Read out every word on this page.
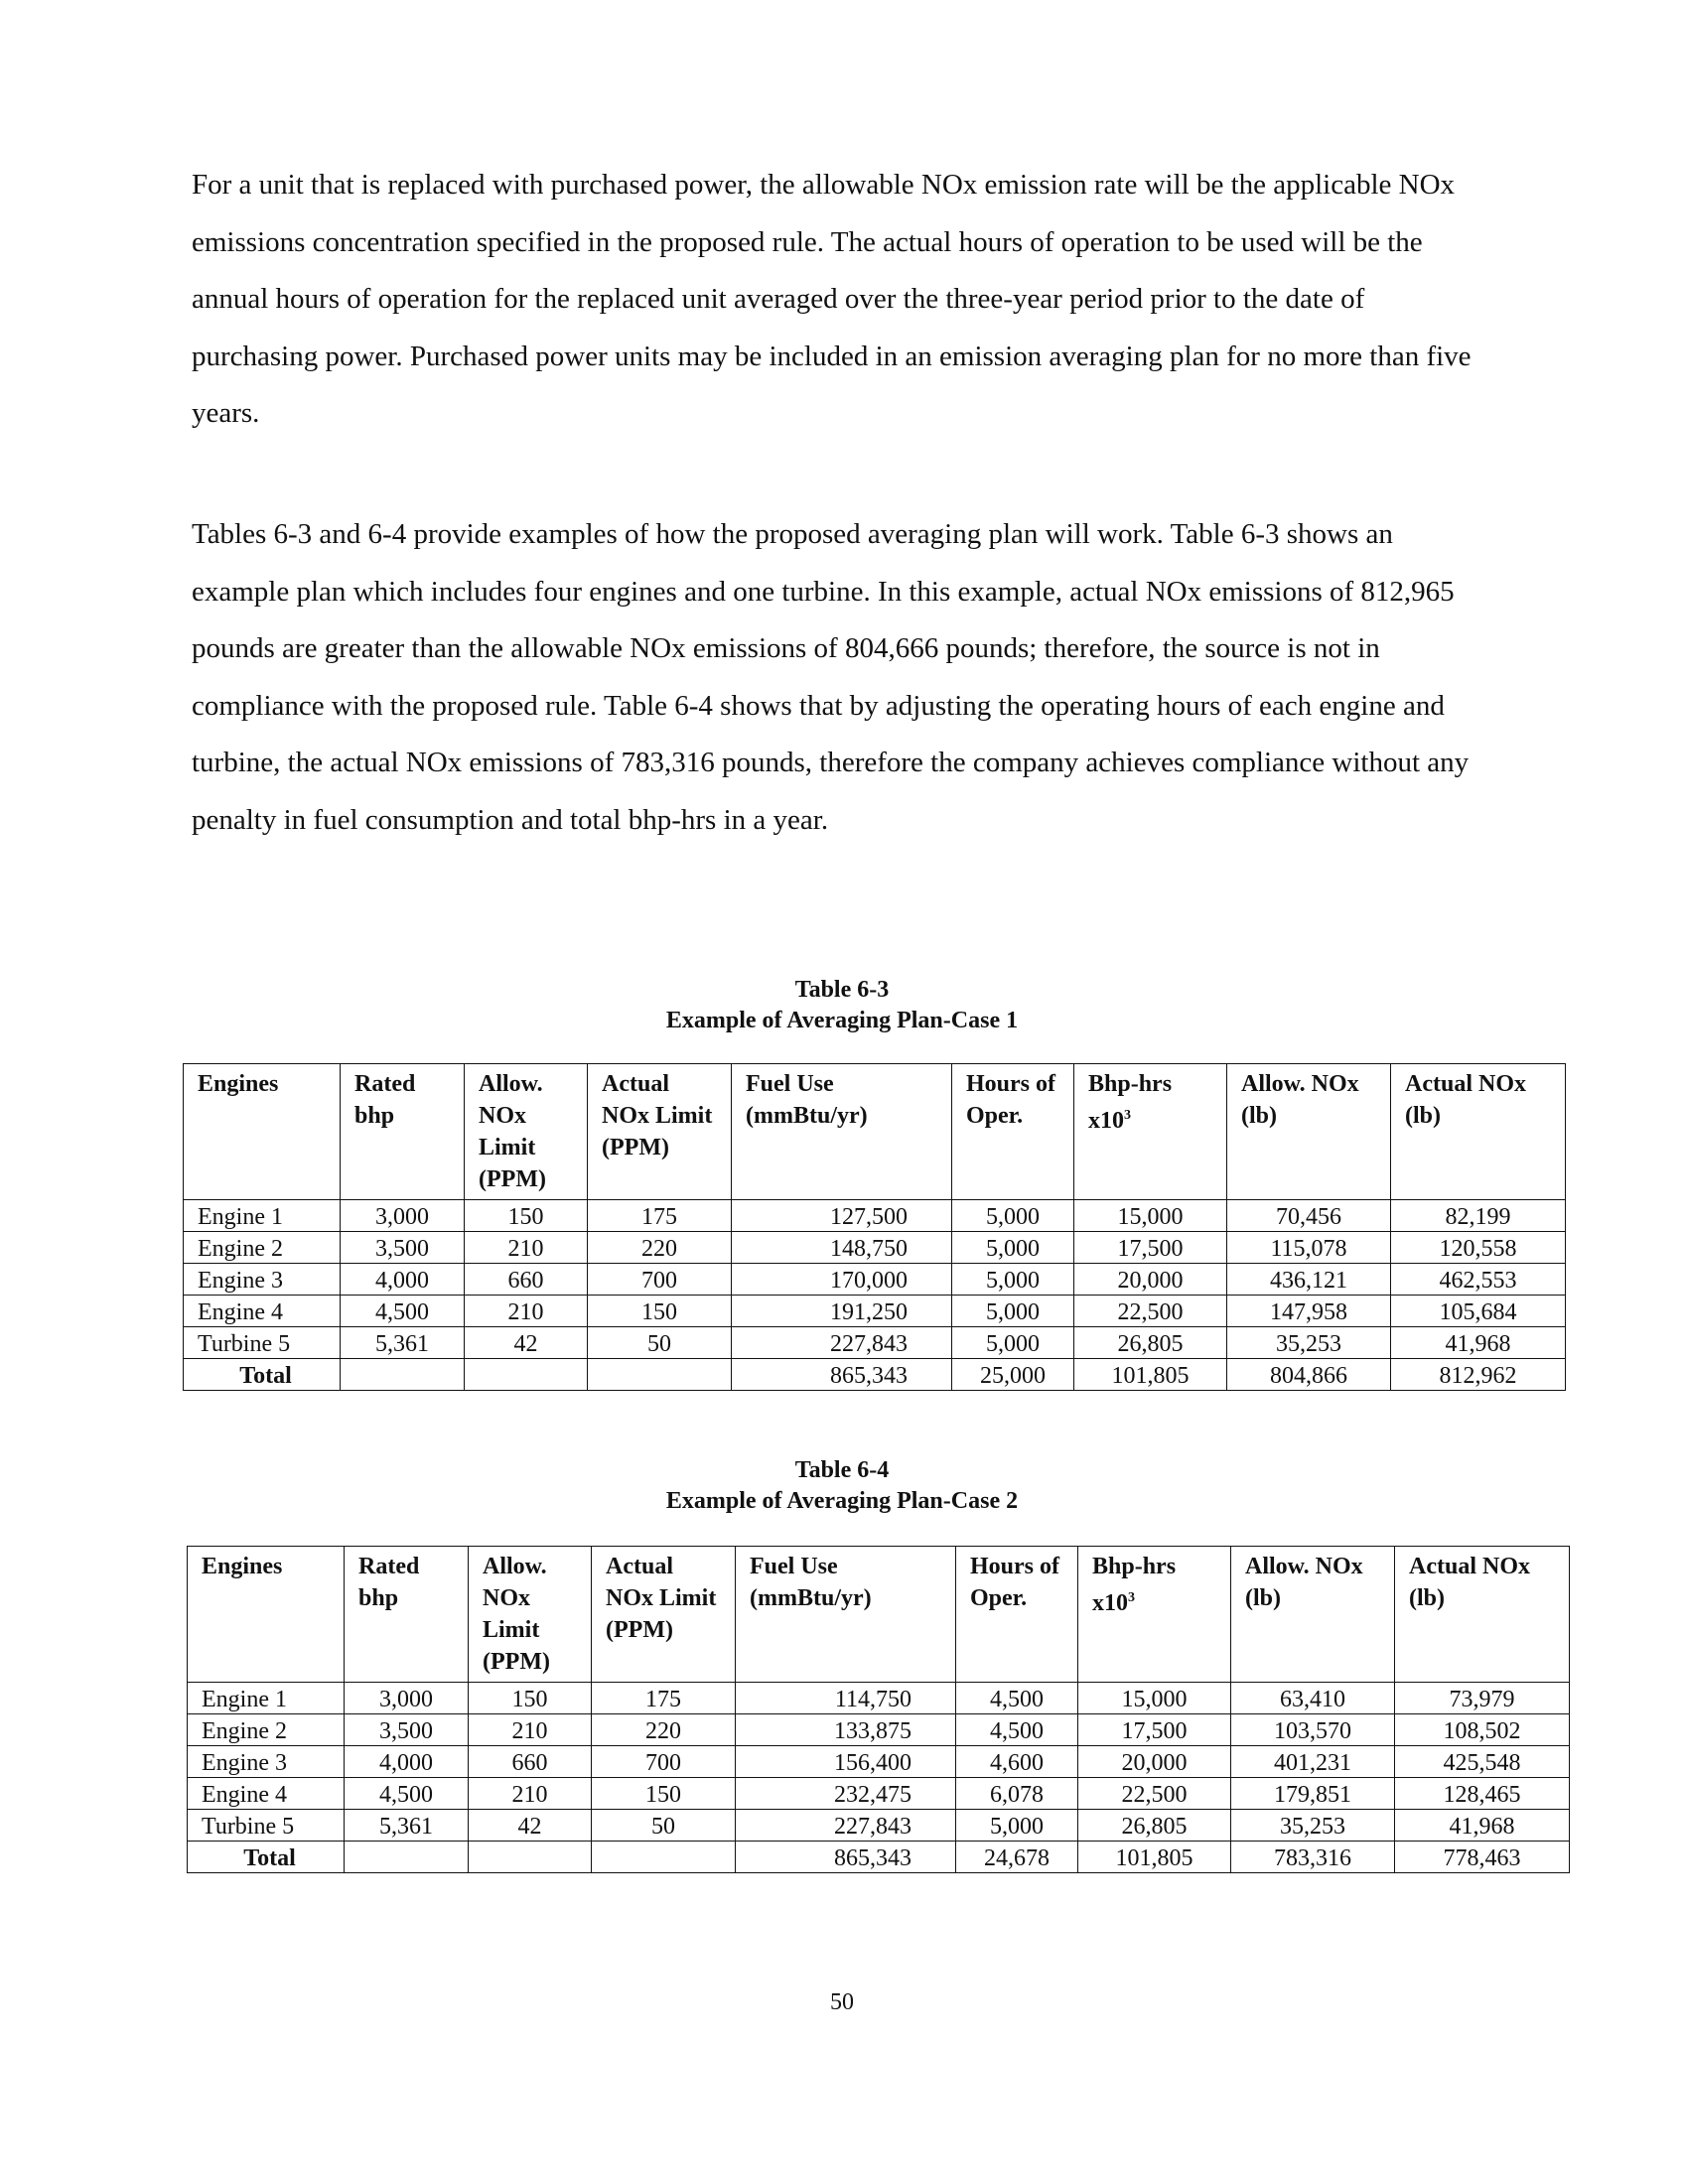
For a unit that is replaced with purchased power, the allowable NOx emission rate will be the applicable NOx emissions concentration specified in the proposed rule. The actual hours of operation to be used will be the annual hours of operation for the replaced unit averaged over the three-year period prior to the date of purchasing power. Purchased power units may be included in an emission averaging plan for no more than five years.

Tables 6-3 and 6-4 provide examples of how the proposed averaging plan will work. Table 6-3 shows an example plan which includes four engines and one turbine. In this example, actual NOx emissions of 812,965 pounds are greater than the allowable NOx emissions of 804,666 pounds; therefore, the source is not in compliance with the proposed rule. Table 6-4 shows that by adjusting the operating hours of each engine and turbine, the actual NOx emissions of 783,316 pounds, therefore the company achieves compliance without any penalty in fuel consumption and total bhp-hrs in a year.

Table 6-3
Example of Averaging Plan-Case 1
Engines	Rated bhp	Allow. NOx Limit (PPM)	Actual NOx Limit (PPM)	Fuel Use (mmBtu/yr)	Hours of Oper.	Bhp-hrs $x10^3$	Allow. NOx (lb)	Actual NOx (lb)
Engine 1	3,000	150	175	127,500	5,000	15,000	70,456	82,199
Engine 2	3,500	210	220	148,750	5,000	17,500	115,078	120,558
Engine 3	4,000	660	700	170,000	5,000	20,000	436,121	462,553
Engine 4	4,500	210	150	191,250	5,000	22,500	147,958	105,684
Turbine 5	5,361	42	50	227,843	5,000	26,805	35,253	41,968
Total				865,343	25,000	101,805	804,866	812,962
Table 6-4
Example of Averaging Plan-Case 2
Engines	Rated bhp	Allow. NOx Limit (PPM)	Actual NOx Limit (PPM)	Fuel Use (mmBtu/yr)	Hours of Oper.	Bhp-hrs $x10^3$	Allow. NOx (lb)	Actual NOx (lb)
Engine 1	3,000	150	175	114,750	4,500	15,000	63,410	73,979
Engine 2	3,500	210	220	133,875	4,500	17,500	103,570	108,502
Engine 3	4,000	660	700	156,400	4,600	20,000	401,231	425,548
Engine 4	4,500	210	150	232,475	6,078	22,500	179,851	128,465
Turbine 5	5,361	42	50	227,843	5,000	26,805	35,253	41,968
Total				865,343	24,678	101,805	783,316	778,463
50
